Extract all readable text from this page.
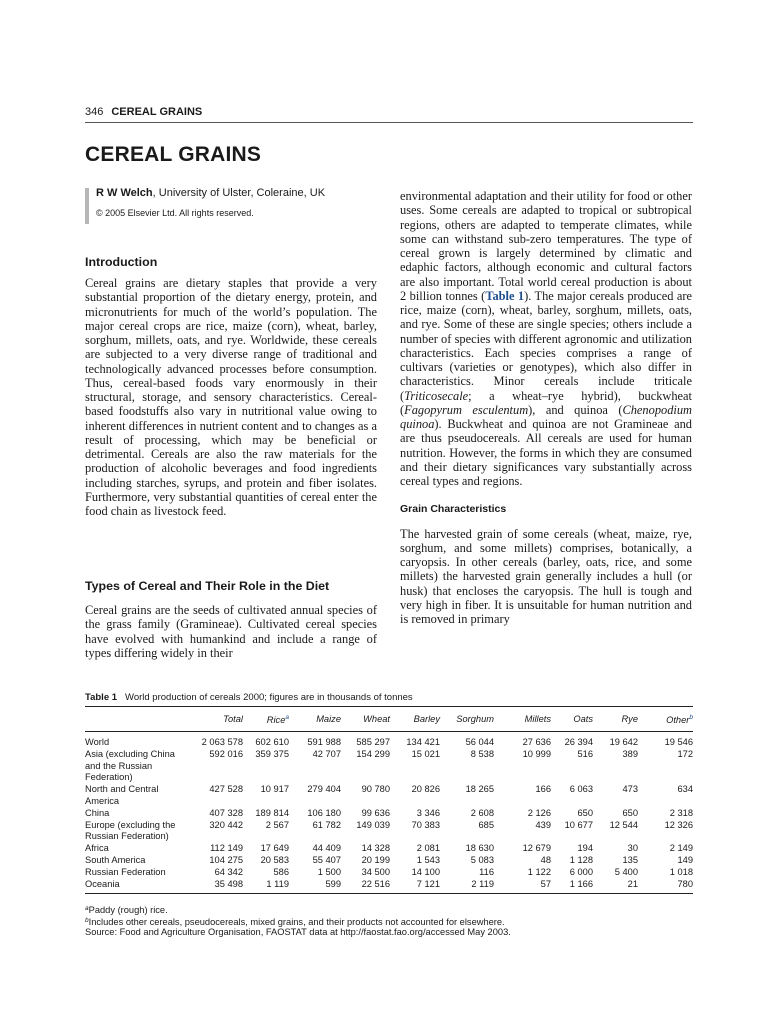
346 CEREAL GRAINS
CEREAL GRAINS
R W Welch, University of Ulster, Coleraine, UK
© 2005 Elsevier Ltd. All rights reserved.
Introduction

Cereal grains are dietary staples that provide a very substantial proportion of the dietary energy, protein, and micronutrients for much of the world’s population. The major cereal crops are rice, maize (corn), wheat, barley, sorghum, millets, oats, and rye. Worldwide, these cereals are subjected to a very diverse range of traditional and technologically advanced processes before consumption. Thus, cereal-based foods vary enormously in their structural, storage, and sensory characteristics. Cereal-based foodstuffs also vary in nutritional value owing to inherent differences in nutrient content and to changes as a result of processing, which may be beneficial or detrimental. Cereals are also the raw materials for the production of alcoholic beverages and food ingredients including starches, syrups, and protein and fiber isolates. Furthermore, very substantial quantities of cereal enter the food chain as livestock feed.

Types of Cereal and Their Role in the Diet

Cereal grains are the seeds of cultivated annual species of the grass family (Gramineae). Cultivated cereal species have evolved with humankind and include a range of types differing widely in their

environmental adaptation and their utility for food or other uses. Some cereals are adapted to tropical or subtropical regions, others are adapted to temperate climates, while some can withstand sub-zero temperatures. The type of cereal grown is largely determined by climatic and edaphic factors, although economic and cultural factors are also important. Total world cereal production is about 2 billion tonnes (Table 1). The major cereals produced are rice, maize (corn), wheat, barley, sorghum, millets, oats, and rye. Some of these are single species; others include a number of species with different agronomic and utilization characteristics. Each species comprises a range of cultivars (varieties or genotypes), which also differ in characteristics. Minor cereals include triticale (Triticosecale; a wheat–rye hybrid), buckwheat (Fagopyrum esculentum), and quinoa (Chenopodium quinoa). Buckwheat and quinoa are not Gramineae and are thus pseudocereals. All cereals are used for human nutrition. However, the forms in which they are consumed and their dietary significances vary substantially across cereal types and regions.

Grain Characteristics

The harvested grain of some cereals (wheat, maize, rye, sorghum, and some millets) comprises, botanically, a caryopsis. In other cereals (barley, oats, rice, and some millets) the harvested grain generally includes a hull (or husk) that encloses the caryopsis. The hull is tough and very high in fiber. It is unsuitable for human nutrition and is removed in primary

Table 1 World production of cereals 2000; figures are in thousands of tonnes
	Total	Rice$^a$	Maize	Wheat	Barley	Sorghum	Millets	Oats	Rye	Other$^b$
World	2 063 578	602 610	591 988	585 297	134 421	56 044	27 636	26 394	19 642	19 546
Asia (excluding China and the Russian Federation)	592 016	359 375	42 707	154 299	15 021	8 538	10 999	516	389	172
North and Central America	427 528	10 917	279 404	90 780	20 826	18 265	166	6 063	473	634
China	407 328	189 814	106 180	99 636	3 346	2 608	2 126	650	650	2 318
Europe (excluding the Russian Federation)	320 442	2 567	61 782	149 039	70 383	685	439	10 677	12 544	12 326
Africa	112 149	17 649	44 409	14 328	2 081	18 630	12 679	194	30	2 149
South America	104 275	20 583	55 407	20 199	1 543	5 083	48	1 128	135	149
Russian Federation	64 342	586	1 500	34 500	14 100	116	1 122	6 000	5 400	1 018
Oceania	35 498	1 119	599	22 516	7 121	2 119	57	1 166	21	780
$^a$Paddy (rough) rice.
$^b$Includes other cereals, pseudocereals, mixed grains, and their products not accounted for elsewhere.
Source: Food and Agriculture Organisation, FAOSTAT data at http://faostat.fao.org/accessed May 2003.
